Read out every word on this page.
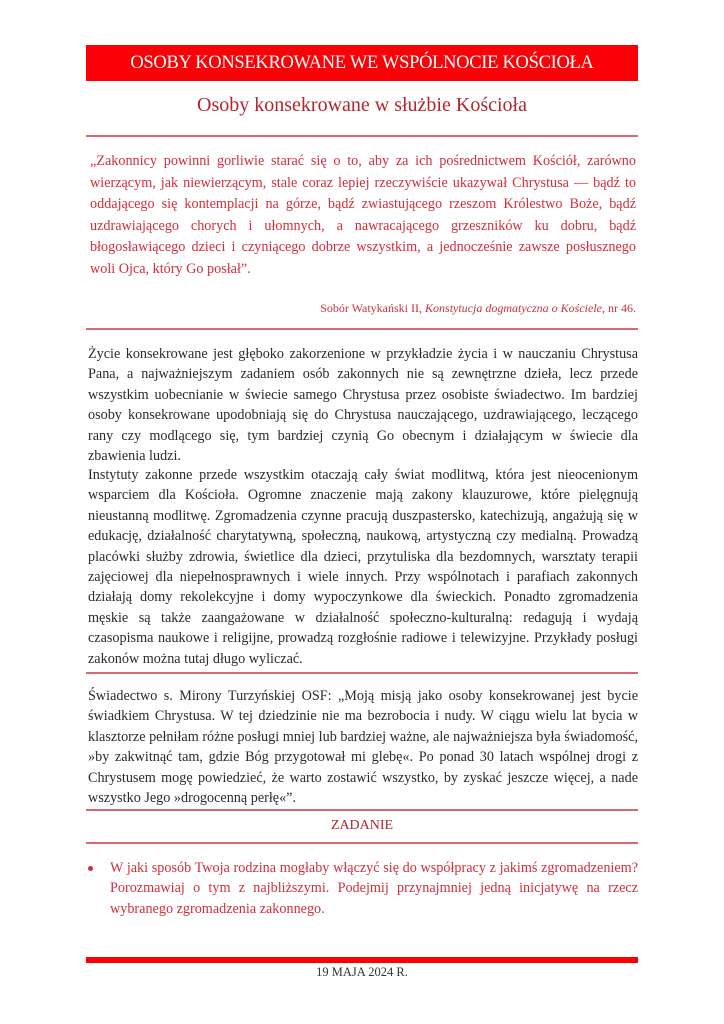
OSOBY KONSEKROWANE WE WSPÓLNOCIE KOŚCIOŁA
Osoby konsekrowane w służbie Kościoła
„Zakonnicy powinni gorliwie starać się o to, aby za ich pośrednictwem Kościół, zarówno wierzącym, jak niewierzącym, stale coraz lepiej rzeczywiście ukazywał Chrystusa — bądź to oddającego się kontemplacji na górze, bądź zwiastującego rzeszom Królestwo Boże, bądź uzdrawiającego chorych i ułomnych, a nawracającego grzeszników ku dobru, bądź błogosławiącego dzieci i czyniącego dobrze wszystkim, a jednocześnie zawsze posłusznego woli Ojca, który Go posłał”.
Sobór Watykański II, Konstytucja dogmatyczna o Kościele, nr 46.
Życie konsekrowane jest głęboko zakorzenione w przykładzie życia i w nauczaniu Chrystusa Pana, a najważniejszym zadaniem osób zakonnych nie są zewnętrzne dzieła, lecz przede wszystkim uobecnianie w świecie samego Chrystusa przez osobiste świadectwo. Im bardziej osoby konsekrowane upodobniają się do Chrystusa nauczającego, uzdrawiającego, leczącego rany czy modlącego się, tym bardziej czynią Go obecnym i działającym w świecie dla zbawienia ludzi.
Instytuty zakonne przede wszystkim otaczają cały świat modlitwą, która jest nieocenionym wsparciem dla Kościoła. Ogromne znaczenie mają zakony klauzurowe, które pielęgnują nieustanną modlitwę. Zgromadzenia czynne pracują duszpastersko, katechizują, angażują się w edukację, działalność charytatywną, społeczną, naukową, artystyczną czy medialną. Prowadzą placówki służby zdrowia, świetlice dla dzieci, przytuliska dla bezdomnych, warsztaty terapii zajęciowej dla niepełnosprawnych i wiele innych. Przy wspólnotach i parafiach zakonnych działają domy rekolekcyjne i domy wypoczynkowe dla świeckich. Ponadto zgromadzenia męskie są także zaangażowane w działalność społeczno-kulturalną: redagują i wydają czasopisma naukowe i religijne, prowadzą rozgłośnie radiowe i telewizyjne. Przykłady posługi zakonów można tutaj długo wyliczać.
Świadectwo s. Mirony Turzyńskiej OSF: „Moją misją jako osoby konsekrowanej jest bycie świadkiem Chrystusa. W tej dziedzinie nie ma bezrobocia i nudy. W ciągu wielu lat bycia w klasztorze pełniłam różne posługi mniej lub bardziej ważne, ale najważniejsza była świadomość, »by zakwitnąć tam, gdzie Bóg przygotował mi glebę«. Po ponad 30 latach wspólnej drogi z Chrystusem mogę powiedzieć, że warto zostawić wszystko, by zyskać jeszcze więcej, a nade wszystko Jego »drogocenną perłę«”.
ZADANIE
W jaki sposób Twoja rodzina mogłaby włączyć się do współpracy z jakimś zgromadzeniem? Porozmawiaj o tym z najbliższymi. Podejmij przynajmniej jedną inicjatywę na rzecz wybranego zgromadzenia zakonnego.
19 MAJA 2024 R.
